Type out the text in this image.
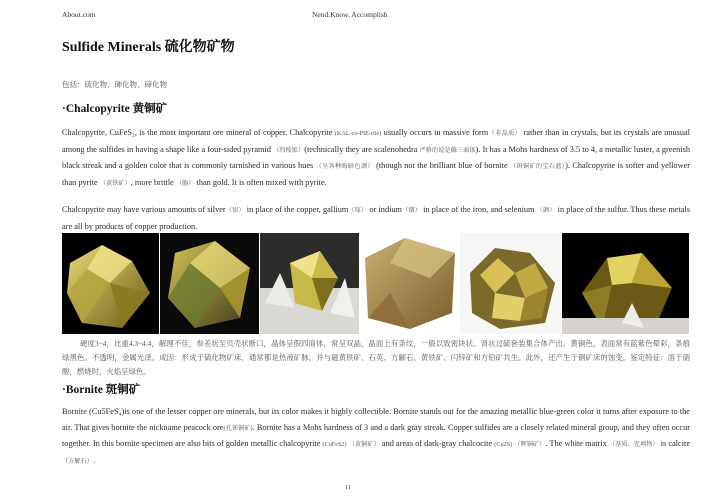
About.com	Nend.Know. Accomplish
Sulfide Minerals 硫化物矿物
包括：硫化物、砷化物、碲化物
·Chalcopyrite 黄铜矿

Chalcopyrite, CuFeS₂, is the most important ore mineral of copper. Chalcopyrite (KAL-co-PIE-rite) usually occurs in massive form（非晶质） rather than in crystals, but its crystals are unusual among the sulfides in having a shape like a four-sided pyramid （四棱锥）(technically they are scalenohedra 严格的说是偏三面体). It has a Mohs hardness of 3.5 to 4, a metallic luster, a greenish black streak and a golden color that is commonly tarnished in various hues （呈各种晦暗色调） (though not the brilliant blue of bornite （斑铜矿的宝石蓝）). Chalcopyrite is softer and yellower than pyrite （黄铁矿）, more brittle （脆） than gold. It is often mixed with pyrite.

Chalcopyrite may have various amounts of silver（银） in place of the copper, gallium（镓） or indium（铟） in place of the iron, and selenium （硒） in place of the sulfur. Thus these metals are all by products of copper production.

硬度3~4，比重4.3~4.4，解理不佳，参差状至贝壳状断口，晶体呈假四面体，常呈双晶，晶面上有条纹，一般以致密块状、肾状过硫套装集合体产出。黄铜色，表面常有蓝紫色晕彩，条痕绿黑色。不透明，金属光泽。成因：形成于硫化物矿床，通常都是热液矿脉，并与磁黄铁矿、石英、方解石、黄铁矿、闪锌矿和方铅矿共生。此外，还产生于铜矿床的蚀变。鉴定特征：溶于硝酸，燃烧时，火焰呈绿色。

·Bornite 斑铜矿

Bornite (Cu5FeS₄)is one of the lesser copper ore minerals, but its color makes it highly collectible. Bornite stands out for the amazing metallic blue-green color it turns after exposure to the air. That gives bornite the nickname peacock ore(孔雀铜矿). Bornite has a Mohs hardness of 3 and a dark gray streak. Copper sulfides are a closely related mineral group, and they often occur together. In this bornite specimen are also bits of golden metallic chalcopyrite (CuFeS2) （黄铜矿） and areas of dark-gray chalcocite (Cu2S) （辉铜矿）. The white matrix （基质、充填物） is calcite （方解石）.

11
